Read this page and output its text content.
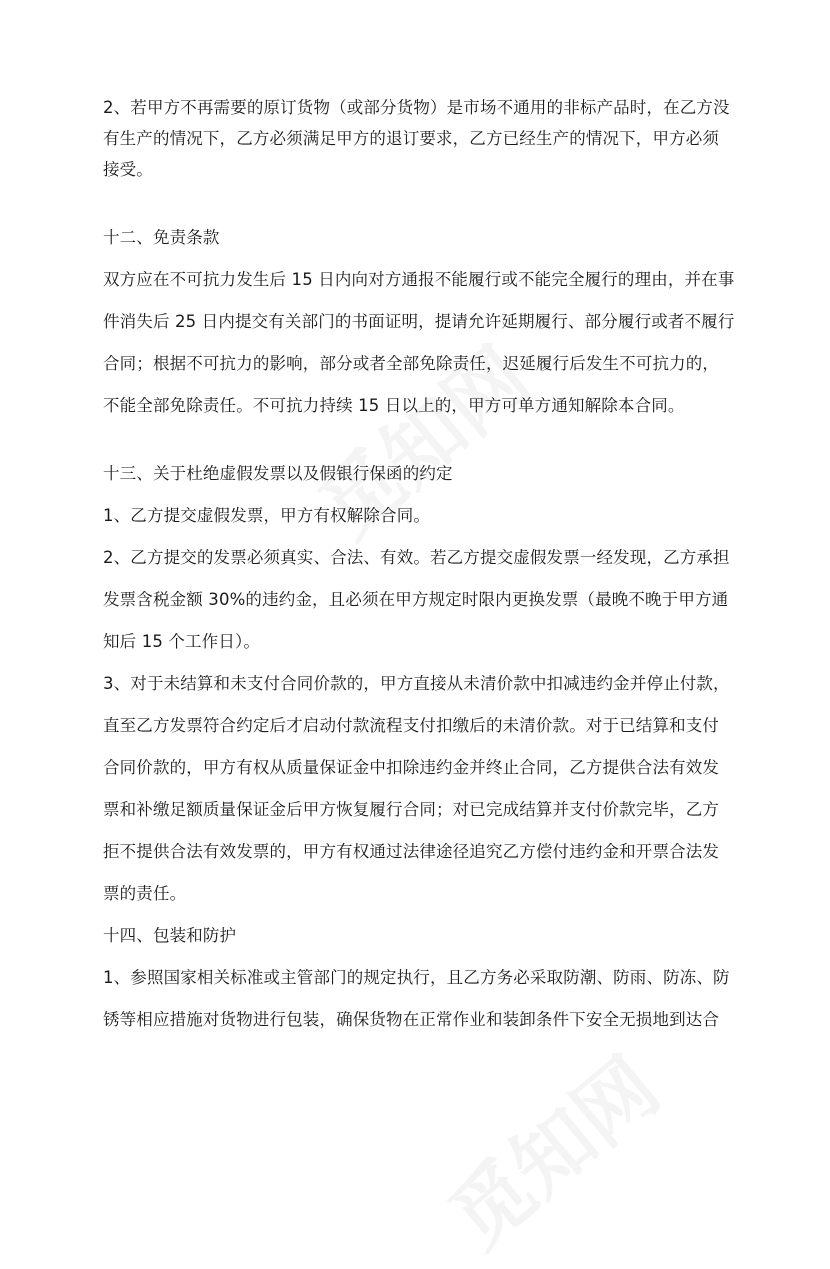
2、若甲方不再需要的原订货物（或部分货物）是市场不通用的非标产品时，在乙方没
有生产的情况下，乙方必须满足甲方的退订要求，乙方已经生产的情况下，甲方必须
接受。
十二、免责条款
双方应在不可抗力发生后 15 日内向对方通报不能履行或不能完全履行的理由，并在事
件消失后 25 日内提交有关部门的书面证明，提请允许延期履行、部分履行或者不履行
合同；根据不可抗力的影响，部分或者全部免除责任，迟延履行后发生不可抗力的，
不能全部免除责任。不可抗力持续 15 日以上的，甲方可单方通知解除本合同。
十三、关于杜绝虚假发票以及假银行保函的约定
1、乙方提交虚假发票，甲方有权解除合同。
2、乙方提交的发票必须真实、合法、有效。若乙方提交虚假发票一经发现，乙方承担
发票含税金额 30%的违约金，且必须在甲方规定时限内更换发票（最晚不晚于甲方通
知后 15 个工作日）。
3、对于未结算和未支付合同价款的，甲方直接从未清价款中扣减违约金并停止付款，
直至乙方发票符合约定后才启动付款流程支付扣缴后的未清价款。对于已结算和支付
合同价款的，甲方有权从质量保证金中扣除违约金并终止合同，乙方提供合法有效发
票和补缴足额质量保证金后甲方恢复履行合同；对已完成结算并支付价款完毕，乙方
拒不提供合法有效发票的，甲方有权通过法律途径追究乙方偿付违约金和开票合法发
票的责任。
十四、包装和防护
1、参照国家相关标准或主管部门的规定执行，且乙方务必采取防潮、防雨、防冻、防
锈等相应措施对货物进行包装，确保货物在正常作业和装卸条件下安全无损地到达合
